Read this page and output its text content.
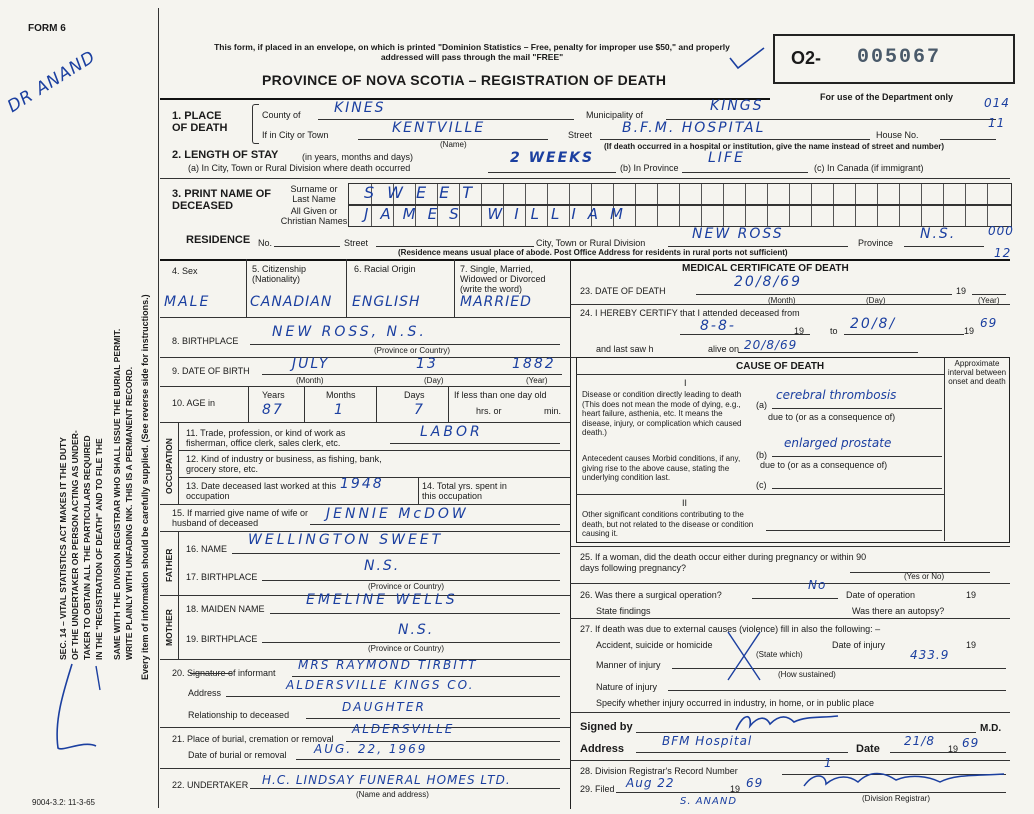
FORM 6
This form, if placed in an envelope, on which is printed "Dominion Statistics – Free, penalty for improper use $50," and properly addressed will pass through the mail "FREE"
PROVINCE OF NOVA SCOTIA – REGISTRATION OF DEATH
O2- 005067
For use of the Department only
DR ANAND
SEC. 14 – VITAL STATISTICS ACT MAKES IT THE DUTY OF THE UNDERTAKER OR PERSON ACTING AS UNDER- TAKER TO OBTAIN ALL THE PARTICULARS REQUIRED IN THE "REGISTRATION OF DEATH" AND TO FILE THE SAME WITH THE DIVISION REGISTRAR WHO SHALL ISSUE THE BURIAL PERMIT. WRITE PLAINLY WITH UNFADING INK. THIS IS A PERMANENT RECORD. Every item of information should be carefully supplied. (See reverse side for instructions.)
9004-3.2: 11-3-65
1. PLACE OF DEATH
County of KINES	Municipality of
KINGS	014
If in City or Town	KENTVILLE
(Name)
Street B.F.M. HOSPITAL	House No.
11
(If death occurred in a hospital or institution, give the name instead of street and number)
2. LENGTH OF STAY	(in years, months and days)
(a) In City, Town or Rural Division where death occurred
2 WEEKS
(b) In Province
LIFE
(c) In Canada (if immigrant)
3. PRINT NAME OF DECEASED
Surname or Last Name
All Given or Christian Names
SWEET
JAMES WILLIAM
RESIDENCE No.	Street	City, Town or Rural Division
NEW ROSS
Province
N.S.	000
12
(Residence means usual place of abode. Post Office Address for residents in rural ports not sufficient)
4. Sex
MALE
5. Citizenship (Nationality)
CANADIAN
6. Racial Origin
ENGLISH
7. Single, Married, Widowed or Divorced (write the word)
MARRIED
8. BIRTHPLACE
NEW ROSS, N.S.
(Province or Country)
9. DATE OF BIRTH	JULY	13	1882
(Month)	(Day)	(Year)
10. AGE in
Years	Months	Days
87	1	7
If less than one day old
hrs. or	min.
OCCUPATION
11. Trade, profession, or kind of work as fisherman, office clerk, sales clerk, etc.
LABOR
12. Kind of industry or business, as fishing, bank, grocery store, etc.
13. Date deceased last worked at this occupation
1948	14. Total yrs. spent in this occupation
15. If married give name of wife or husband of deceased
JENNIE McDOW
FATHER 16. NAME
WELLINGTON SWEET
17. BIRTHPLACE
N.S.
(Province or Country)
MOTHER
18. MAIDEN NAME
EMELINE WELLS
19. BIRTHPLACE
N.S.
(Province or Country)
20. Signature of informant
MRS RAYMOND TIRBITT
Address
ALDERSVILLE KINGS CO.
Relationship to deceased
DAUGHTER
21. Place of burial, cremation or removal
ALDERSVILLE
Date of burial or removal AUG. 22, 1969
22. UNDERTAKER H.C. LINDSAY FUNERAL HOMES LTD.
(Name and address)
MEDICAL CERTIFICATE OF DEATH
23. DATE OF DEATH
20/8/69
19
(Month)	(Day)	(Year)
24. I HEREBY CERTIFY that I attended deceased from
8-8-	19	to 20/8/	19
69
and last saw h	alive on 20/8/69
CAUSE OF DEATH	Approximate interval between onset and death
I
Disease or condition directly leading to death (This does not mean the mode of dying, e.g., heart failure, asthenia, etc. It means the disease, injury, or complication which caused death.)
(a)
cerebral thrombosis
due to (or as a consequence of)
(b)
enlarged prostate
due to (or as a consequence of)
Antecedent causes Morbid conditions, if any, giving rise to the above cause, stating the underlying condition last.
(c)
II
Other significant conditions contributing to the death, but not related to the disease or condition causing it.
25. If a woman, did the death occur either during pregnancy or within 90 days following pregnancy?
(Yes or No)
26. Was there a surgical operation?
No
Date of operation	19
State findings	Was there an autopsy?
27. If death was due to external causes (violence) fill in also the following: –
Accident, suicide or homicide	Date of injury	19
(State which)	433.9
Manner of injury
(How sustained)
Nature of injury
Specify whether injury occurred in industry, in home, or in public place
Signed by	M.D.
Address
BFM Hospital
Date
21/8
19 69
28. Division Registrar's Record Number
1
29. Filed Aug 22	19 69
(Division Registrar)
S. ANAND
